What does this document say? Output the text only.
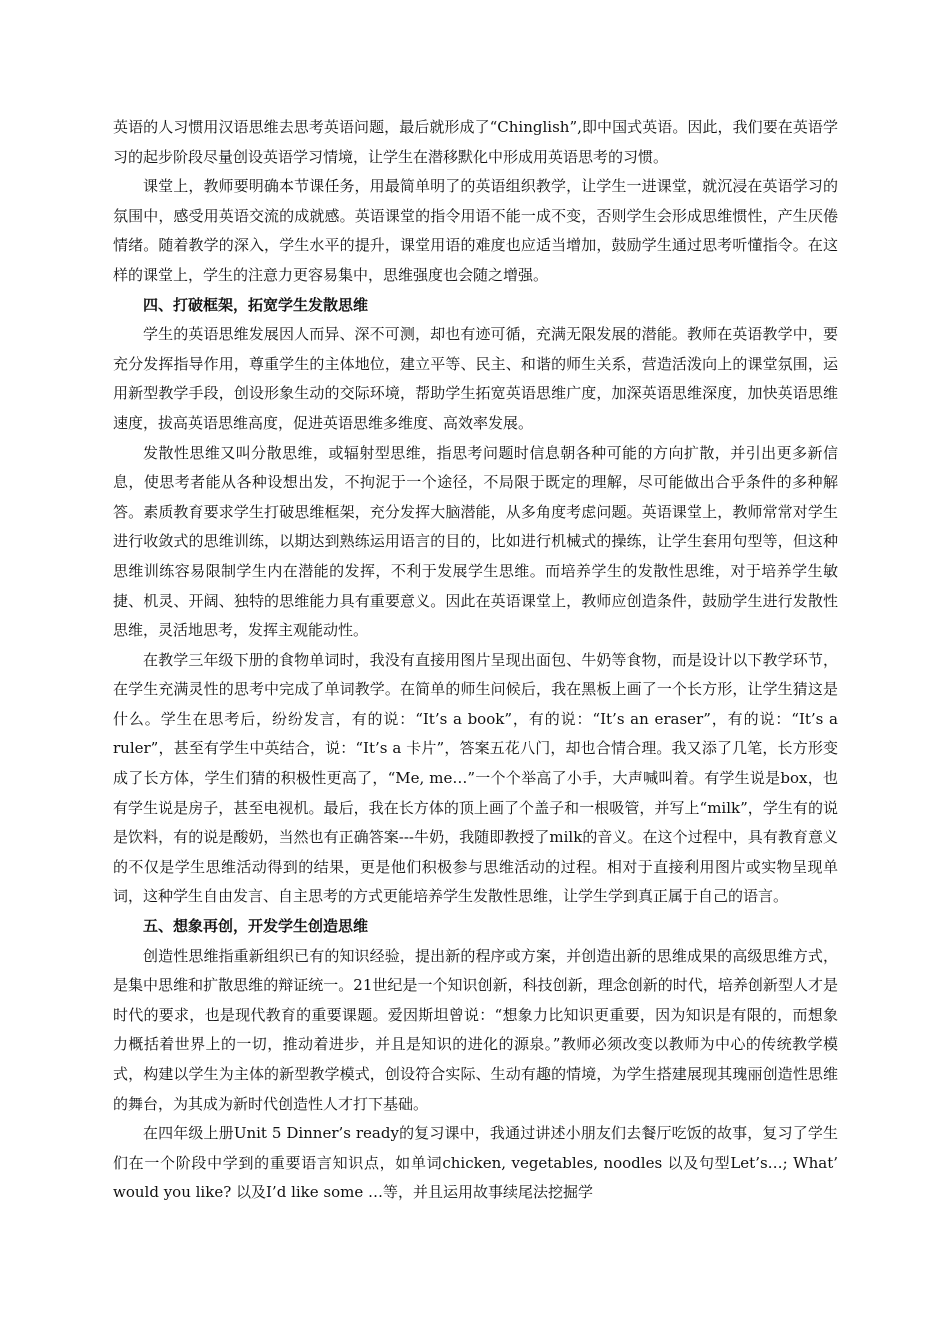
英语的人习惯用汉语思维去思考英语问题，最后就形成了“Chinglish”,即中国式英语。因此，我们要在英语学习的起步阶段尽量创设英语学习情境，让学生在潜移默化中形成用英语思考的习惯。

课堂上，教师要明确本节课任务，用最简单明了的英语组织教学，让学生一进课堂，就沉浸在英语学习的氛围中，感受用英语交流的成就感。英语课堂的指令用语不能一成不变，否则学生会形成思维惯性，产生厌倦情绪。随着教学的深入，学生水平的提升，课堂用语的难度也应适当增加，鼓励学生通过思考听懂指令。在这样的课堂上，学生的注意力更容易集中，思维强度也会随之增强。

四、打破框架，拓宽学生发散思维

学生的英语思维发展因人而异、深不可测，却也有迹可循，充满无限发展的潜能。教师在英语教学中，要充分发挥指导作用，尊重学生的主体地位，建立平等、民主、和谐的师生关系，营造活泼向上的课堂氛围，运用新型教学手段，创设形象生动的交际环境，帮助学生拓宽英语思维广度，加深英语思维深度，加快英语思维速度，拔高英语思维高度，促进英语思维多维度、高效率发展。

发散性思维又叫分散思维，或辐射型思维，指思考问题时信息朝各种可能的方向扩散，并引出更多新信息，使思考者能从各种设想出发，不拘泥于一个途径，不局限于既定的理解，尽可能做出合乎条件的多种解答。素质教育要求学生打破思维框架，充分发挥大脑潜能，从多角度考虑问题。英语课堂上，教师常常对学生进行收敛式的思维训练，以期达到熟练运用语言的目的，比如进行机械式的操练，让学生套用句型等，但这种思维训练容易限制学生内在潜能的发挥，不利于发展学生思维。而培养学生的发散性思维，对于培养学生敏捷、机灵、开阔、独特的思维能力具有重要意义。因此在英语课堂上，教师应创造条件，鼓励学生进行发散性思维，灵活地思考，发挥主观能动性。

在教学三年级下册的食物单词时，我没有直接用图片呈现出面包、牛奶等食物，而是设计以下教学环节，在学生充满灵性的思考中完成了单词教学。在简单的师生问候后，我在黑板上画了一个长方形，让学生猜这是什么。学生在思考后，纷纷发言，有的说：“It’s a book”，有的说：“It’s an eraser”，有的说：“It’s a ruler”，甚至有学生中英结合，说：“It’s a 卡片”，答案五花八门，却也合情合理。我又添了几笔，长方形变成了长方体，学生们猜的积极性更高了，“Me, me…”一个个举高了小手，大声喊叫着。有学生说是box，也有学生说是房子，甚至电视机。最后，我在长方体的顶上画了个盖子和一根吸管，并写上“milk”，学生有的说是饮料，有的说是酸奶，当然也有正确答案---牛奶，我随即教授了milk的音义。在这个过程中，具有教育意义的不仅是学生思维活动得到的结果，更是他们积极参与思维活动的过程。相对于直接利用图片或实物呈现单词，这种学生自由发言、自主思考的方式更能培养学生发散性思维，让学生学到真正属于自己的语言。

五、想象再创，开发学生创造思维

创造性思维指重新组织已有的知识经验，提出新的程序或方案，并创造出新的思维成果的高级思维方式，是集中思维和扩散思维的辩证统一。21世纪是一个知识创新，科技创新，理念创新的时代，培养创新型人才是时代的要求，也是现代教育的重要课题。爱因斯坦曾说：“想象力比知识更重要，因为知识是有限的，而想象力概括着世界上的一切，推动着进步，并且是知识的进化的源泉。”教师必须改变以教师为中心的传统教学模式，构建以学生为主体的新型教学模式，创设符合实际、生动有趣的情境，为学生搭建展现其瑰丽创造性思维的舞台，为其成为新时代创造性人才打下基础。

在四年级上册Unit 5 Dinner’s ready的复习课中，我通过讲述小朋友们去餐厅吃饭的故事，复习了学生们在一个阶段中学到的重要语言知识点，如单词chicken, vegetables, noodles 以及句型Let’s…; What’ would you like? 以及I’d like some …等，并且运用故事续尾法挖掘学
